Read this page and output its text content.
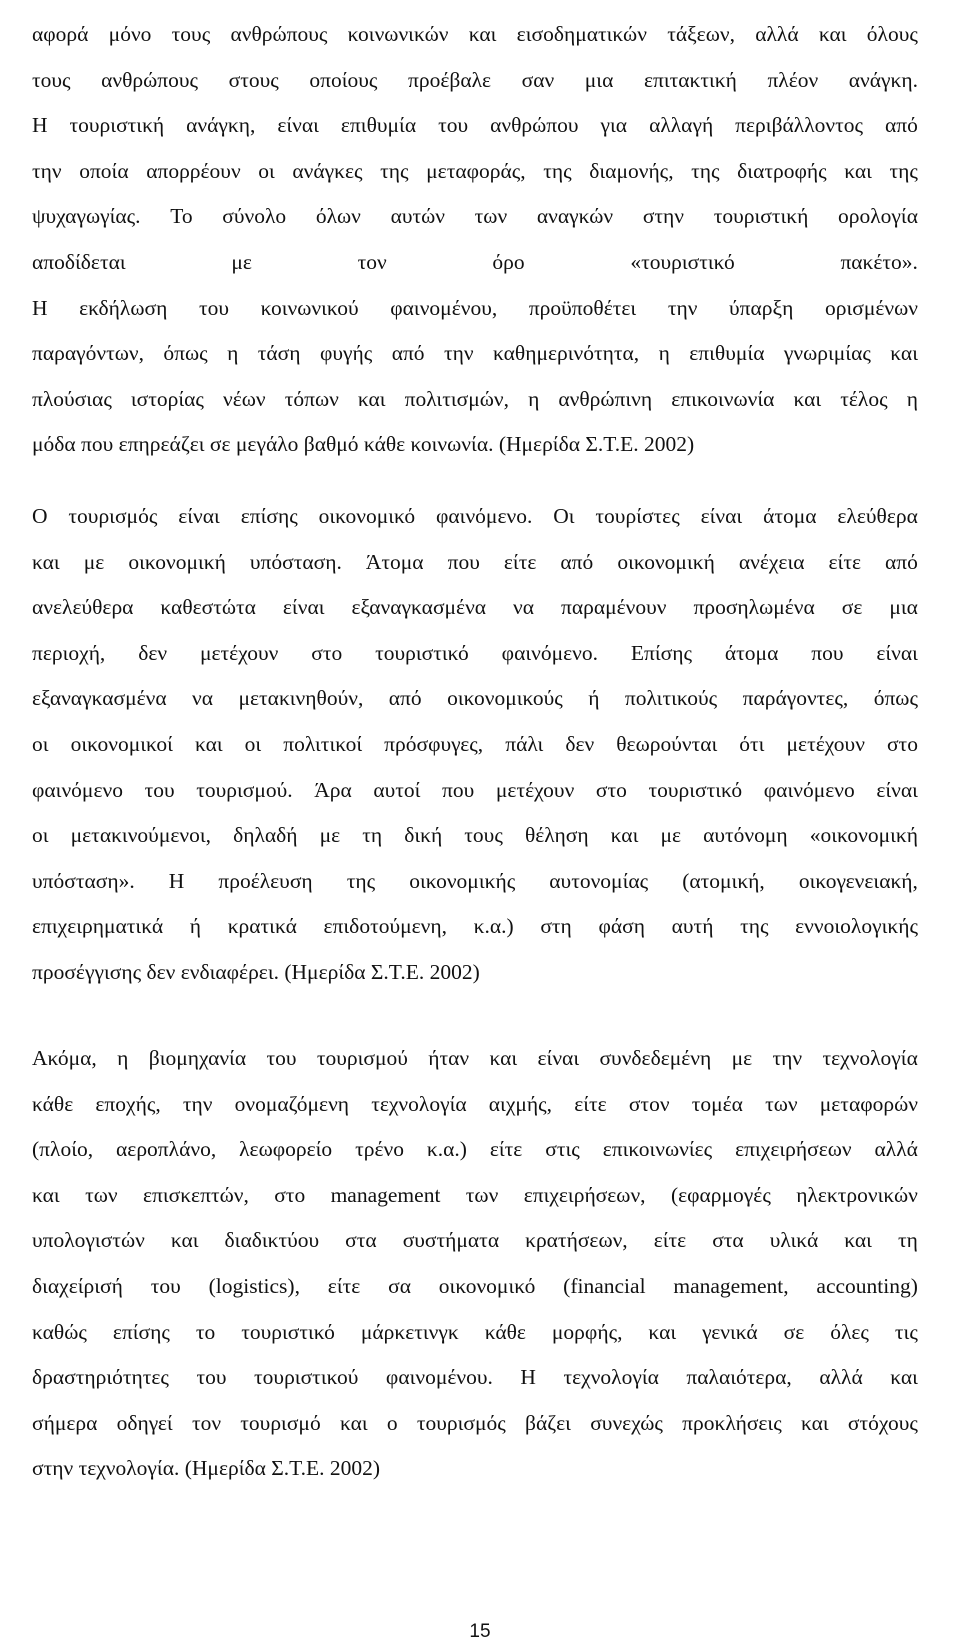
αφορά μόνο τους ανθρώπους κοινωνικών και εισοδηματικών τάξεων, αλλά και όλους
τους ανθρώπους στους οποίους προέβαλε σαν μια επιτακτική πλέον ανάγκη.
Η τουριστική ανάγκη, είναι επιθυμία του ανθρώπου για αλλαγή περιβάλλοντος από
την οποία απορρέουν οι ανάγκες της μεταφοράς, της διαμονής, της διατροφής και της
ψυχαγωγίας. Το σύνολο όλων αυτών των αναγκών στην τουριστική ορολογία
αποδίδεται	με	τον	όρο	«τουριστικό	πακέτο».
Η εκδήλωση του κοινωνικού φαινομένου, προϋποθέτει την ύπαρξη ορισμένων
παραγόντων, όπως η τάση φυγής από την καθημερινότητα, η επιθυμία γνωριμίας και
πλούσιας ιστορίας νέων τόπων και πολιτισμών, η ανθρώπινη επικοινωνία και τέλος η
μόδα που επηρεάζει σε μεγάλο βαθμό κάθε κοινωνία. (Ημερίδα Σ.Τ.Ε. 2002)
Ο τουρισμός είναι επίσης οικονομικό φαινόμενο. Οι τουρίστες είναι άτομα ελεύθερα
και με οικονομική υπόσταση. Άτομα που είτε από οικονομική ανέχεια είτε από
ανελεύθερα καθεστώτα είναι εξαναγκασμένα να παραμένουν προσηλωμένα σε μια
περιοχή, δεν μετέχουν στο τουριστικό φαινόμενο. Επίσης άτομα που είναι
εξαναγκασμένα να μετακινηθούν, από οικονομικούς ή πολιτικούς παράγοντες, όπως
οι οικονομικοί και οι πολιτικοί πρόσφυγες, πάλι δεν θεωρούνται ότι μετέχουν στο
φαινόμενο του τουρισμού. Άρα αυτοί που μετέχουν στο τουριστικό φαινόμενο είναι
οι μετακινούμενοι, δηλαδή με τη δική τους θέληση και με αυτόνομη «οικονομική
υπόσταση». Η προέλευση της οικονομικής αυτονομίας (ατομική, οικογενειακή,
επιχειρηματικά ή κρατικά επιδοτούμενη, κ.α.) στη φάση αυτή της εννοιολογικής
προσέγγισης δεν ενδιαφέρει. (Ημερίδα Σ.Τ.Ε. 2002)
Ακόμα, η βιομηχανία του τουρισμού ήταν και είναι συνδεδεμένη με την τεχνολογία
κάθε εποχής, την ονομαζόμενη τεχνολογία αιχμής, είτε στον τομέα των μεταφορών
(πλοίο, αεροπλάνο, λεωφορείο τρένο κ.α.) είτε στις επικοινωνίες επιχειρήσεων αλλά
και των επισκεπτών, στο management των επιχειρήσεων, (εφαρμογές ηλεκτρονικών
υπολογιστών και διαδικτύου στα συστήματα κρατήσεων, είτε στα υλικά και τη
διαχείρισή του (logistics), είτε σα οικονομικό (financial management, accounting)
καθώς επίσης το τουριστικό μάρκετινγκ κάθε μορφής, και γενικά σε όλες τις
δραστηριότητες του τουριστικού φαινομένου. Η τεχνολογία παλαιότερα, αλλά και
σήμερα οδηγεί τον τουρισμό και ο τουρισμός βάζει συνεχώς προκλήσεις και στόχους
στην τεχνολογία. (Ημερίδα Σ.Τ.Ε. 2002)
15
